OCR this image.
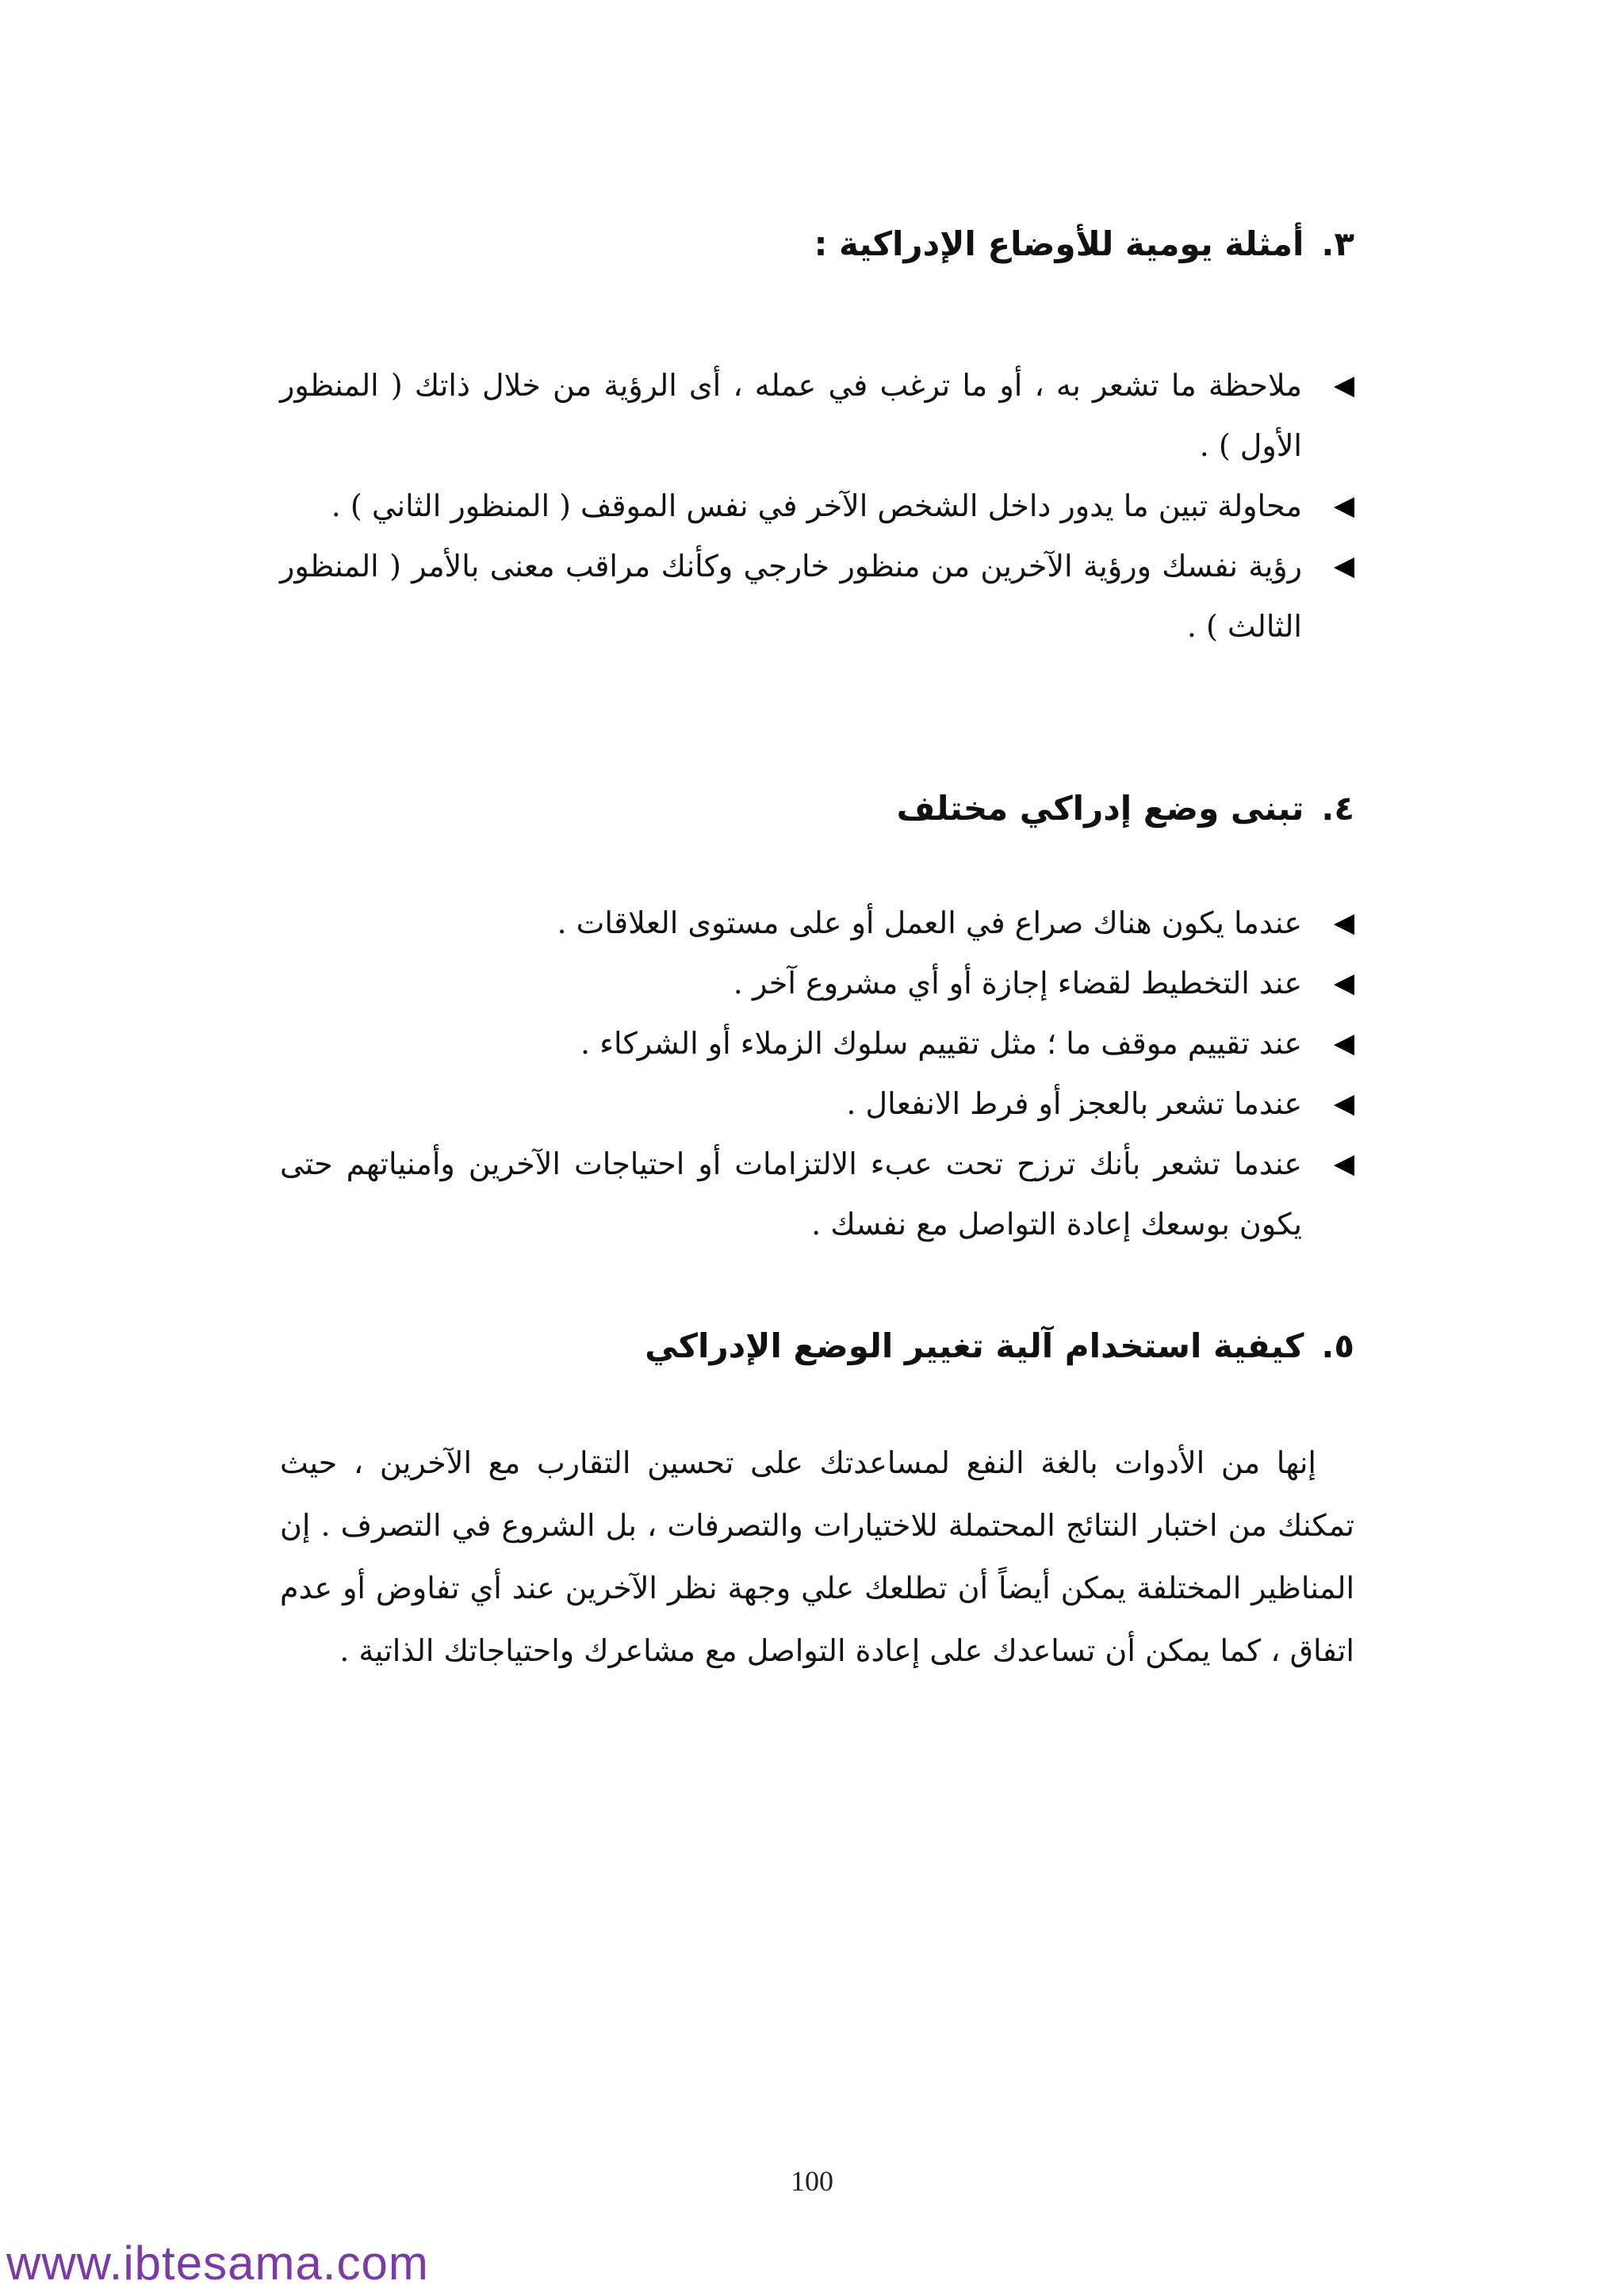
٣.أمثلة يومية للأوضاع الإدراكية :
◀
ملاحظة ما تشعر به ، أو ما ترغب في عمله ، أى الرؤية من خلال ذاتك ( المنظور الأول ) .
◀
محاولة تبين ما يدور داخل الشخص الآخر في نفس الموقف ( المنظور الثاني ) .
◀
رؤية نفسك ورؤية الآخرين من منظور خارجي وكأنك مراقب معنى بالأمر ( المنظور الثالث ) .
٤.تبنى وضع إدراكي مختلف
◀
عندما يكون هناك صراع في العمل أو على مستوى العلاقات .
◀
عند التخطيط لقضاء إجازة أو أي مشروع آخر .
◀
عند تقييم موقف ما ؛ مثل تقييم سلوك الزملاء أو الشركاء .
◀
عندما تشعر بالعجز أو فرط الانفعال .
◀
عندما تشعر بأنك ترزح تحت عبء الالتزامات أو احتياجات الآخرين وأمنياتهم حتى يكون بوسعك إعادة التواصل مع نفسك .
٥.كيفية استخدام آلية تغيير الوضع الإدراكي

إنها من الأدوات بالغة النفع لمساعدتك على تحسين التقارب مع الآخرين ، حيث تمكنك من اختبار النتائج المحتملة للاختيارات والتصرفات ، بل الشروع في التصرف . إن المناظير المختلفة يمكن أيضاً أن تطلعك علي وجهة نظر الآخرين عند أي تفاوض أو عدم اتفاق ، كما يمكن أن تساعدك على إعادة التواصل مع مشاعرك واحتياجاتك الذاتية .

100
www.ibtesama.com
